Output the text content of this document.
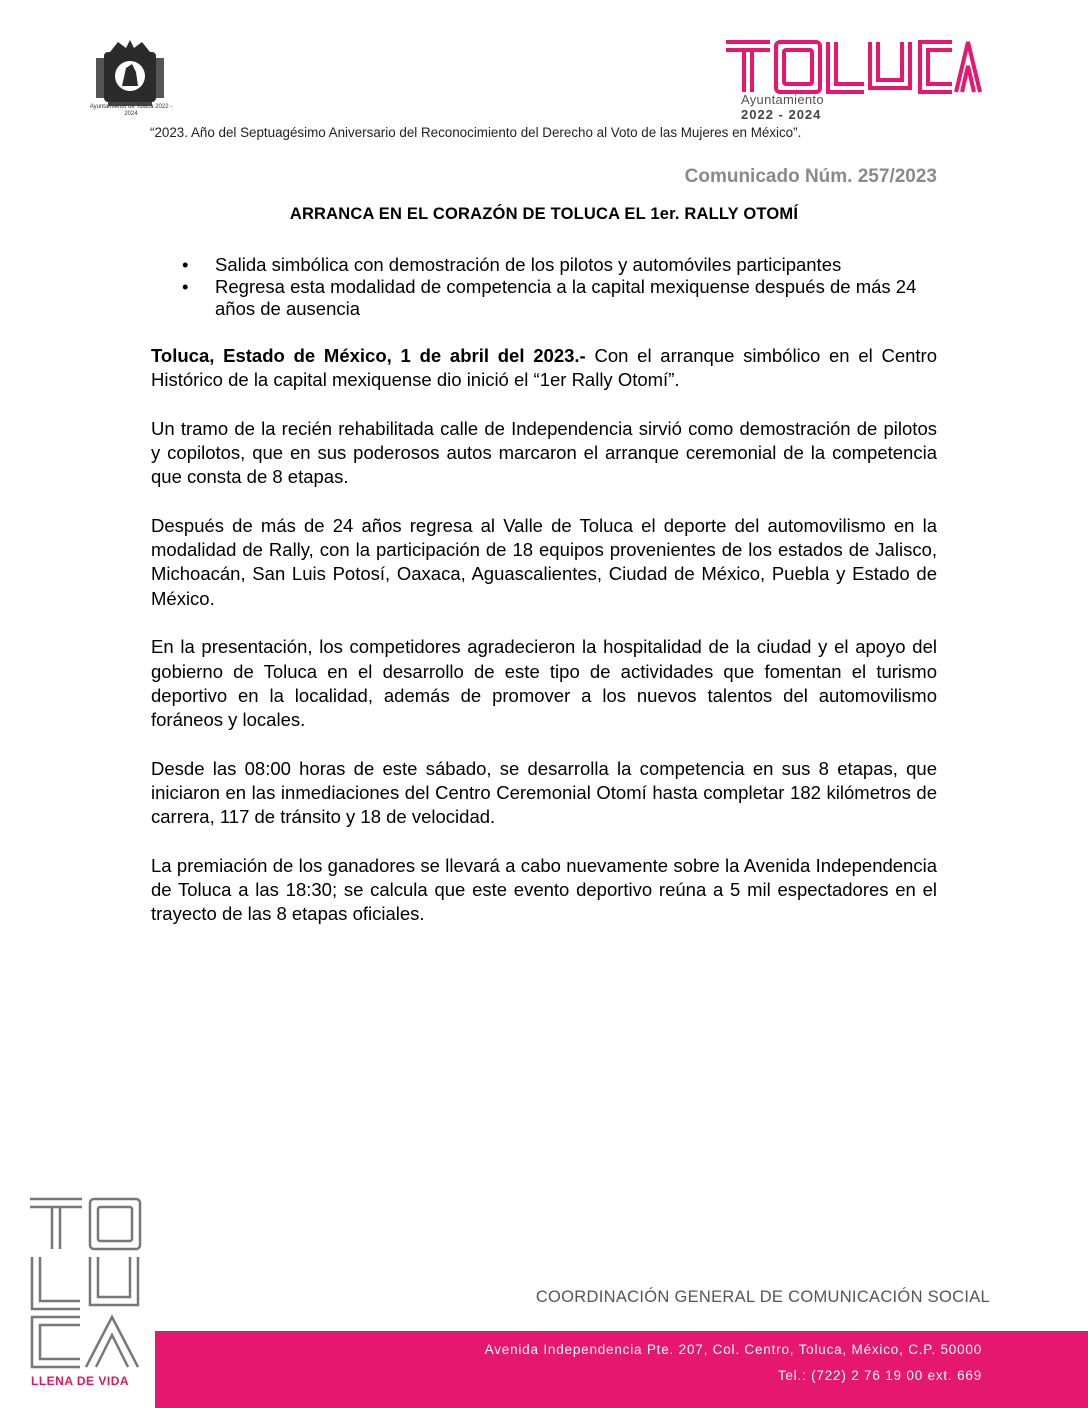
Ayuntamiento de Toluca 2022 - 2024
Ayuntamiento
2022 - 2024
“2023. Año del Septuagésimo Aniversario del Reconocimiento del Derecho al Voto de las Mujeres en México”.
Comunicado Núm. 257/2023
ARRANCA EN EL CORAZÓN DE TOLUCA EL 1er. RALLY OTOMÍ
• Salida simbólica con demostración de los pilotos y automóviles participantes
• Regresa esta modalidad de competencia a la capital mexiquense después de más 24 años de ausencia

Toluca, Estado de México, 1 de abril del 2023.- Con el arranque simbólico en el Centro Histórico de la capital mexiquense dio inició el “1er Rally Otomí”.

Un tramo de la recién rehabilitada calle de Independencia sirvió como demostración de pilotos y copilotos, que en sus poderosos autos marcaron el arranque ceremonial de la competencia que consta de 8 etapas.

Después de más de 24 años regresa al Valle de Toluca el deporte del automovilismo en la modalidad de Rally, con la participación de 18 equipos provenientes de los estados de Jalisco, Michoacán, San Luis Potosí, Oaxaca, Aguascalientes, Ciudad de México, Puebla y Estado de México.

En la presentación, los competidores agradecieron la hospitalidad de la ciudad y el apoyo del gobierno de Toluca en el desarrollo de este tipo de actividades que fomentan el turismo deportivo en la localidad, además de promover a los nuevos talentos del automovilismo foráneos y locales.

Desde las 08:00 horas de este sábado, se desarrolla la competencia en sus 8 etapas, que iniciaron en las inmediaciones del Centro Ceremonial Otomí hasta completar 182 kilómetros de carrera, 117 de tránsito y 18 de velocidad.

La premiación de los ganadores se llevará a cabo nuevamente sobre la Avenida Independencia de Toluca a las 18:30; se calcula que este evento deportivo reúna a 5 mil espectadores en el trayecto de las 8 etapas oficiales.

LLENA DE VIDA
COORDINACIÓN GENERAL DE COMUNICACIÓN SOCIAL
Avenida Independencia Pte. 207, Col. Centro, Toluca, México, C.P. 50000
Tel.: (722) 2 76 19 00 ext. 669
